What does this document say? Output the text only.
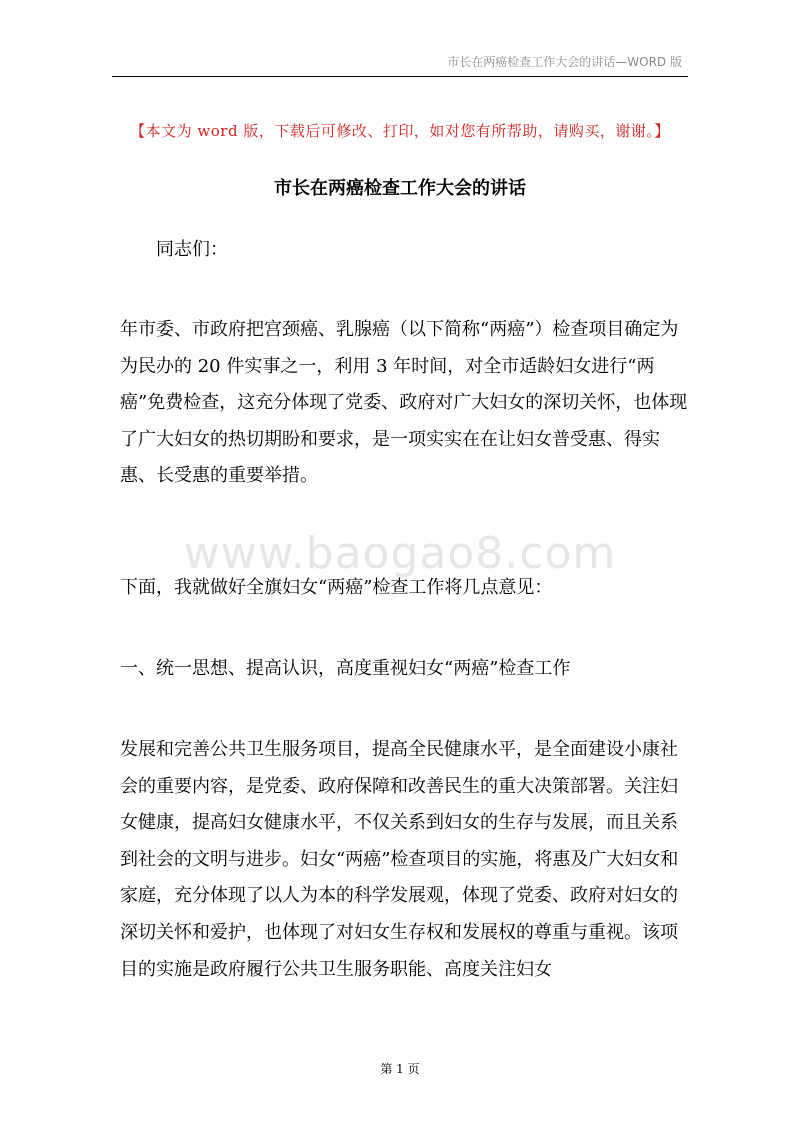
市长在两癌检查工作大会的讲话—WORD 版
【本文为 word 版，下载后可修改、打印，如对您有所帮助，请购买，谢谢。】
市长在两癌检查工作大会的讲话
同志们：
年市委、市政府把宫颈癌、乳腺癌（以下简称“两癌”）检查项目确定为为民办的 20 件实事之一，利用 3 年时间，对全市适龄妇女进行“两癌”免费检查，这充分体现了党委、政府对广大妇女的深切关怀，也体现了广大妇女的热切期盼和要求，是一项实实在在让妇女普受惠、得实惠、长受惠的重要举措。
www.baogao8.com
下面，我就做好全旗妇女“两癌”检查工作将几点意见：
一、统一思想、提高认识，高度重视妇女“两癌”检查工作
发展和完善公共卫生服务项目，提高全民健康水平，是全面建设小康社会的重要内容，是党委、政府保障和改善民生的重大决策部署。关注妇女健康，提高妇女健康水平，不仅关系到妇女的生存与发展，而且关系到社会的文明与进步。妇女“两癌”检查项目的实施，将惠及广大妇女和家庭，充分体现了以人为本的科学发展观，体现了党委、政府对妇女的深切关怀和爱护，也体现了对妇女生存权和发展权的尊重与重视。该项目的实施是政府履行公共卫生服务职能、高度关注妇女
第 1 页
